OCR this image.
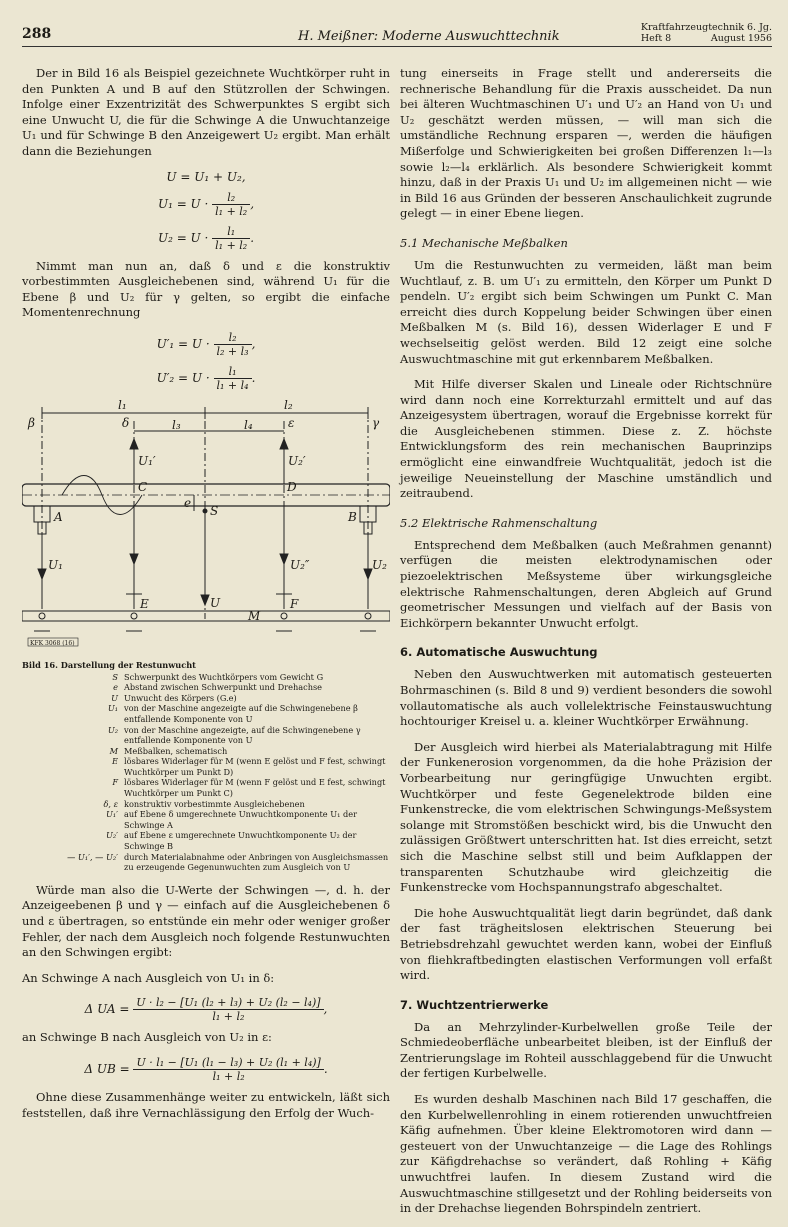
288	H. Meißner: Moderne Auswuchttechnik
Kraftfahrzeugtechnik 6. Jg.
Heft 8	August 1956

Der in Bild 16 als Beispiel gezeichnete Wuchtkörper ruht in den Punkten A und B auf den Stützrollen der Schwingen. Infolge einer Exzentrizität des Schwerpunktes S ergibt sich eine Unwucht U, die für die Schwinge A die Unwuchtanzeige U₁ und für Schwinge B den Anzeigewert U₂ ergibt. Man erhält dann die Beziehungen

U = U₁ + U₂,
$U_1 = U \cdot \frac{\text{l₂}}{\text{l₁ + l₂}}$ ,
$U_2 = U \cdot \frac{\text{l₁}}{\text{l₁ + l₂}}$ .

Nimmt man nun an, daß δ und ε die konstruktiv vorbestimmten Ausgleichebenen sind, während U₁ für die Ebene β und U₂ für γ gelten, so ergibt die einfache Momentenrechnung

$U'_1 = U \cdot \frac{\text{l₂}}{\text{l₂ + l₃}}$ ,
$U'_2 = U \cdot \frac{\text{l₁}}{\text{l₁ + l₄}}$ .
l₁	l₂
l₃	l₄
β	δ	ε	γ
U₁′	U₂′
C	D
e
S
A	B
U₁	U₂
U₂″
U
E	F
M
KFK 3068 (16)
Bild 16. Darstellung der Restunwucht
S Schwerpunkt des Wuchtkörpers vom Gewicht G
e Abstand zwischen Schwerpunkt und Drehachse
U Unwucht des Körpers (G.e)
U₁ von der Maschine angezeigte auf die Schwingenebene β entfallende Komponente von U
U₂ von der Maschine angezeigte, auf die Schwingenebene γ entfallende Komponente von U
M Meßbalken, schematisch
E lösbares Widerlager für M (wenn E gelöst und F fest, schwingt Wuchtkörper um Punkt D)
F lösbares Widerlager für M (wenn F gelöst und E fest, schwingt Wuchtkörper um Punkt C)
δ, ε konstruktiv vorbestimmte Ausgleichebenen
U₁′ auf Ebene δ umgerechnete Unwuchtkomponente U₁ der Schwinge A
U₂′ auf Ebene ε umgerechnete Unwuchtkomponente U₂ der Schwinge B
— U₁′, — U₂′ durch Materialabnahme oder Anbringen von Ausgleichsmassen zu erzeugende Gegenunwuchten zum Ausgleich von U

Würde man also die U-Werte der Schwingen —, d. h. der Anzeigeebenen β und γ — einfach auf die Ausgleichebenen δ und ε übertragen, so entstünde ein mehr oder weniger großer Fehler, der nach dem Ausgleich noch folgende Restunwuchten an den Schwingen ergibt:

An Schwinge A nach Ausgleich von U₁ in δ:

Δ UA = $\frac{\text{U · l₂ − [U₁ (l₂ + l₃) + U₂ (l₂ − l₄)]}}{\text{l₁ + l₂}}$ ,

an Schwinge B nach Ausgleich von U₂ in ε:

Δ UB = $\frac{\text{U · l₁ − [U₁ (l₁ − l₃) + U₂ (l₁ + l₄)]}}{\text{l₁ + l₂}}$ .

Ohne diese Zusammenhänge weiter zu entwickeln, läßt sich feststellen, daß ihre Vernachlässigung den Erfolg der Wuch-

tung einerseits in Frage stellt und andererseits die rechnerische Behandlung für die Praxis ausscheidet. Da nun bei älteren Wuchtmaschinen U′₁ und U′₂ an Hand von U₁ und U₂ geschätzt werden müssen, — will man sich die umständliche Rechnung ersparen —, werden die häufigen Mißerfolge und Schwierigkeiten bei großen Differenzen l₁—l₃ sowie l₂—l₄ erklärlich. Als besondere Schwierigkeit kommt hinzu, daß in der Praxis U₁ und U₂ im allgemeinen nicht — wie in Bild 16 aus Gründen der besseren Anschaulichkeit zugrunde gelegt — in einer Ebene liegen.

5.1 Mechanische Meßbalken

Um die Restunwuchten zu vermeiden, läßt man beim Wuchtlauf, z. B. um U′₁ zu ermitteln, den Körper um Punkt D pendeln. U′₂ ergibt sich beim Schwingen um Punkt C. Man erreicht dies durch Koppelung beider Schwingen über einen Meßbalken M (s. Bild 16), dessen Widerlager E und F wechselseitig gelöst werden. Bild 12 zeigt eine solche Auswuchtmaschine mit gut erkennbarem Meßbalken.

Mit Hilfe diverser Skalen und Lineale oder Richtschnüre wird dann noch eine Korrekturzahl ermittelt und auf das Anzeigesystem übertragen, worauf die Ergebnisse korrekt für die Ausgleichebenen stimmen. Diese z. Z. höchste Entwicklungsform des rein mechanischen Bauprinzips ermöglicht eine einwandfreie Wuchtqualität, jedoch ist die jeweilige Neueinstellung der Maschine umständlich und zeitraubend.

5.2 Elektrische Rahmenschaltung

Entsprechend dem Meßbalken (auch Meßrahmen genannt) verfügen die meisten elektrodynamischen oder piezoelektrischen Meßsysteme über wirkungsgleiche elektrische Rahmenschaltungen, deren Abgleich auf Grund geometrischer Messungen und vielfach auf der Basis von Eichkörpern bekannter Unwucht erfolgt.

6. Automatische Auswuchtung

Neben den Auswuchtwerken mit automatisch gesteuerten Bohrmaschinen (s. Bild 8 und 9) verdient besonders die sowohl vollautomatische als auch vollelektrische Feinstauswuchtung hochtouriger Kreisel u. a. kleiner Wuchtkörper Erwähnung.

Der Ausgleich wird hierbei als Materialabtragung mit Hilfe der Funkenerosion vorgenommen, da die hohe Präzision der Vorbearbeitung nur geringfügige Unwuchten ergibt. Wuchtkörper und feste Gegenelektrode bilden eine Funkenstrecke, die vom elektrischen Schwingungs-Meßsystem solange mit Stromstößen beschickt wird, bis die Unwucht den zulässigen Größtwert unterschritten hat. Ist dies erreicht, setzt sich die Maschine selbst still und beim Aufklappen der transparenten Schutzhaube wird gleichzeitig die Funkenstrecke vom Hochspannungstrafo abgeschaltet.

Die hohe Auswuchtqualität liegt darin begründet, daß dank der fast trägheitslosen elektrischen Steuerung bei Betriebsdrehzahl gewuchtet werden kann, wobei der Einfluß von fliehkraftbedingten elastischen Verformungen voll erfaßt wird.

7. Wuchtzentrierwerke

Da an Mehrzylinder-Kurbelwellen große Teile der Schmiedeoberfläche unbearbeitet bleiben, ist der Einfluß der Zentrierungslage im Rohteil ausschlaggebend für die Unwucht der fertigen Kurbelwelle.

Es wurden deshalb Maschinen nach Bild 17 geschaffen, die den Kurbelwellenrohling in einem rotierenden unwuchtfreien Käfig aufnehmen. Über kleine Elektromotoren wird dann — gesteuert von der Unwuchtanzeige — die Lage des Rohlings zur Käfigdrehachse so verändert, daß Rohling + Käfig unwuchtfrei laufen. In diesem Zustand wird die Auswuchtmaschine stillgesetzt und der Rohling beiderseits von in der Drehachse liegenden Bohrspindeln zentriert.
